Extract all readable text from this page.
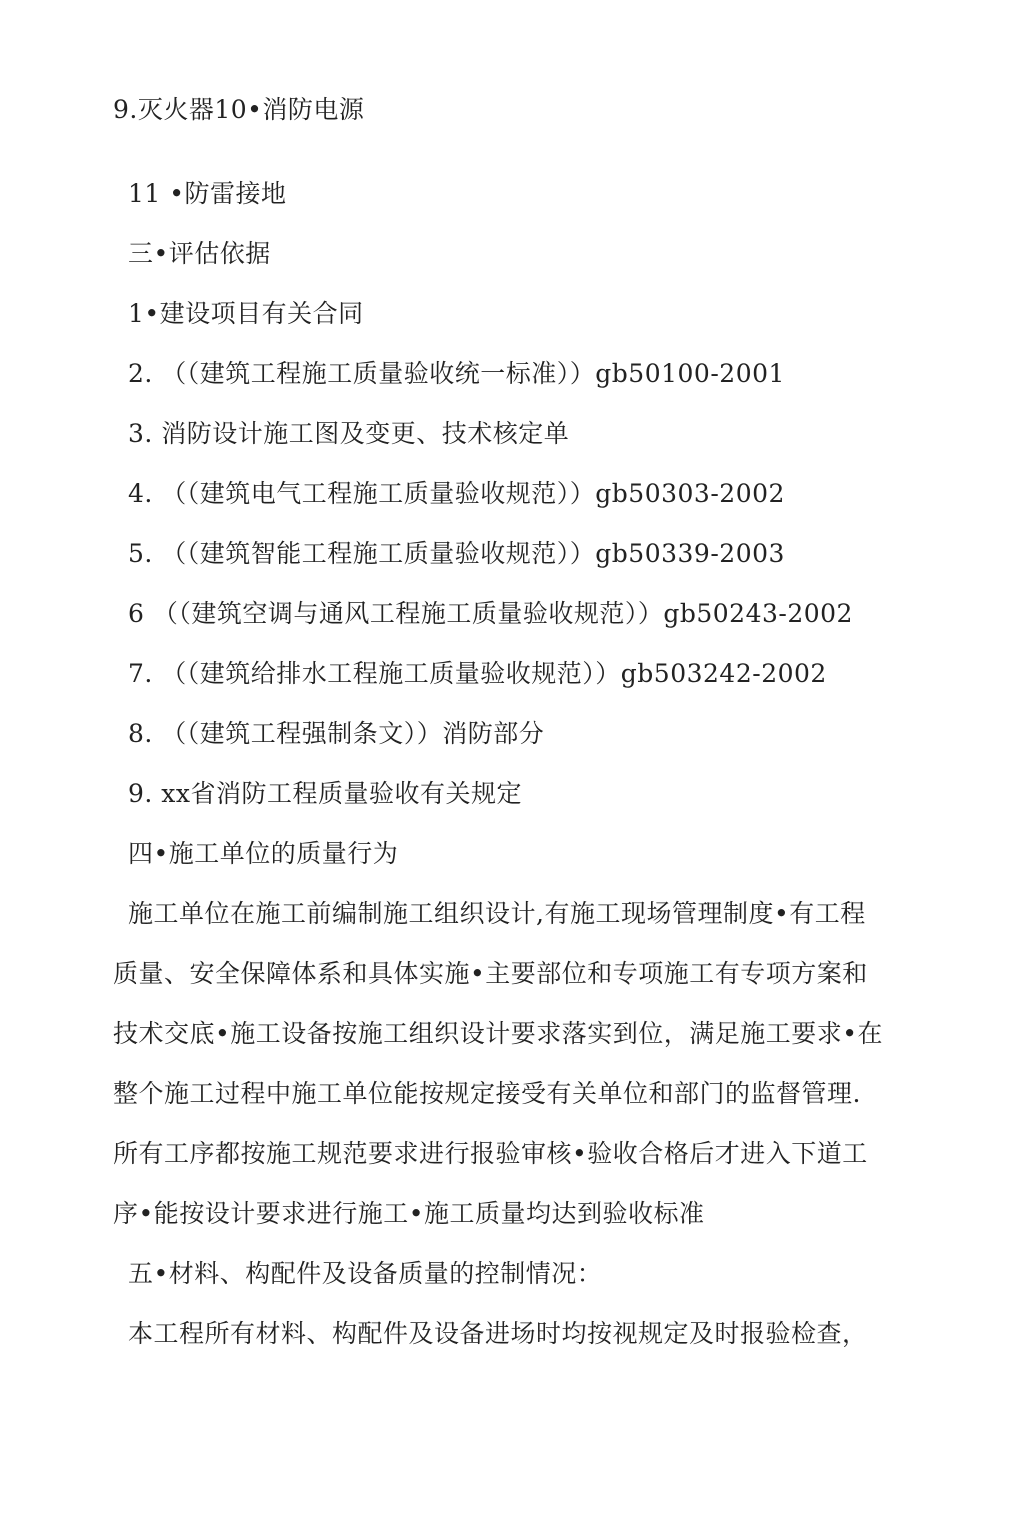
9.灭火器10•消防电源
11 •防雷接地
三•评估依据
1•建设项目有关合同
2. （（建筑工程施工质量验收统一标准））gb50100-2001
3. 消防设计施工图及变更、技术核定单
4. （（建筑电气工程施工质量验收规范））gb50303-2002
5. （（建筑智能工程施工质量验收规范））gb50339-2003
6 （（建筑空调与通风工程施工质量验收规范））gb50243-2002
7. （（建筑给排水工程施工质量验收规范））gb503242-2002
8. （（建筑工程强制条文））消防部分
9. xx省消防工程质量验收有关规定
四•施工单位的质量行为
施工单位在施工前编制施工组织设计,有施工现场管理制度•有工程
质量、安全保障体系和具体实施•主要部位和专项施工有专项方案和
技术交底•施工设备按施工组织设计要求落实到位，满足施工要求•在
整个施工过程中施工单位能按规定接受有关单位和部门的监督管理.
所有工序都按施工规范要求进行报验审核•验收合格后才进入下道工
序•能按设计要求进行施工•施工质量均达到验收标准
五•材料、构配件及设备质量的控制情况：
本工程所有材料、构配件及设备进场时均按视规定及时报验检查，
